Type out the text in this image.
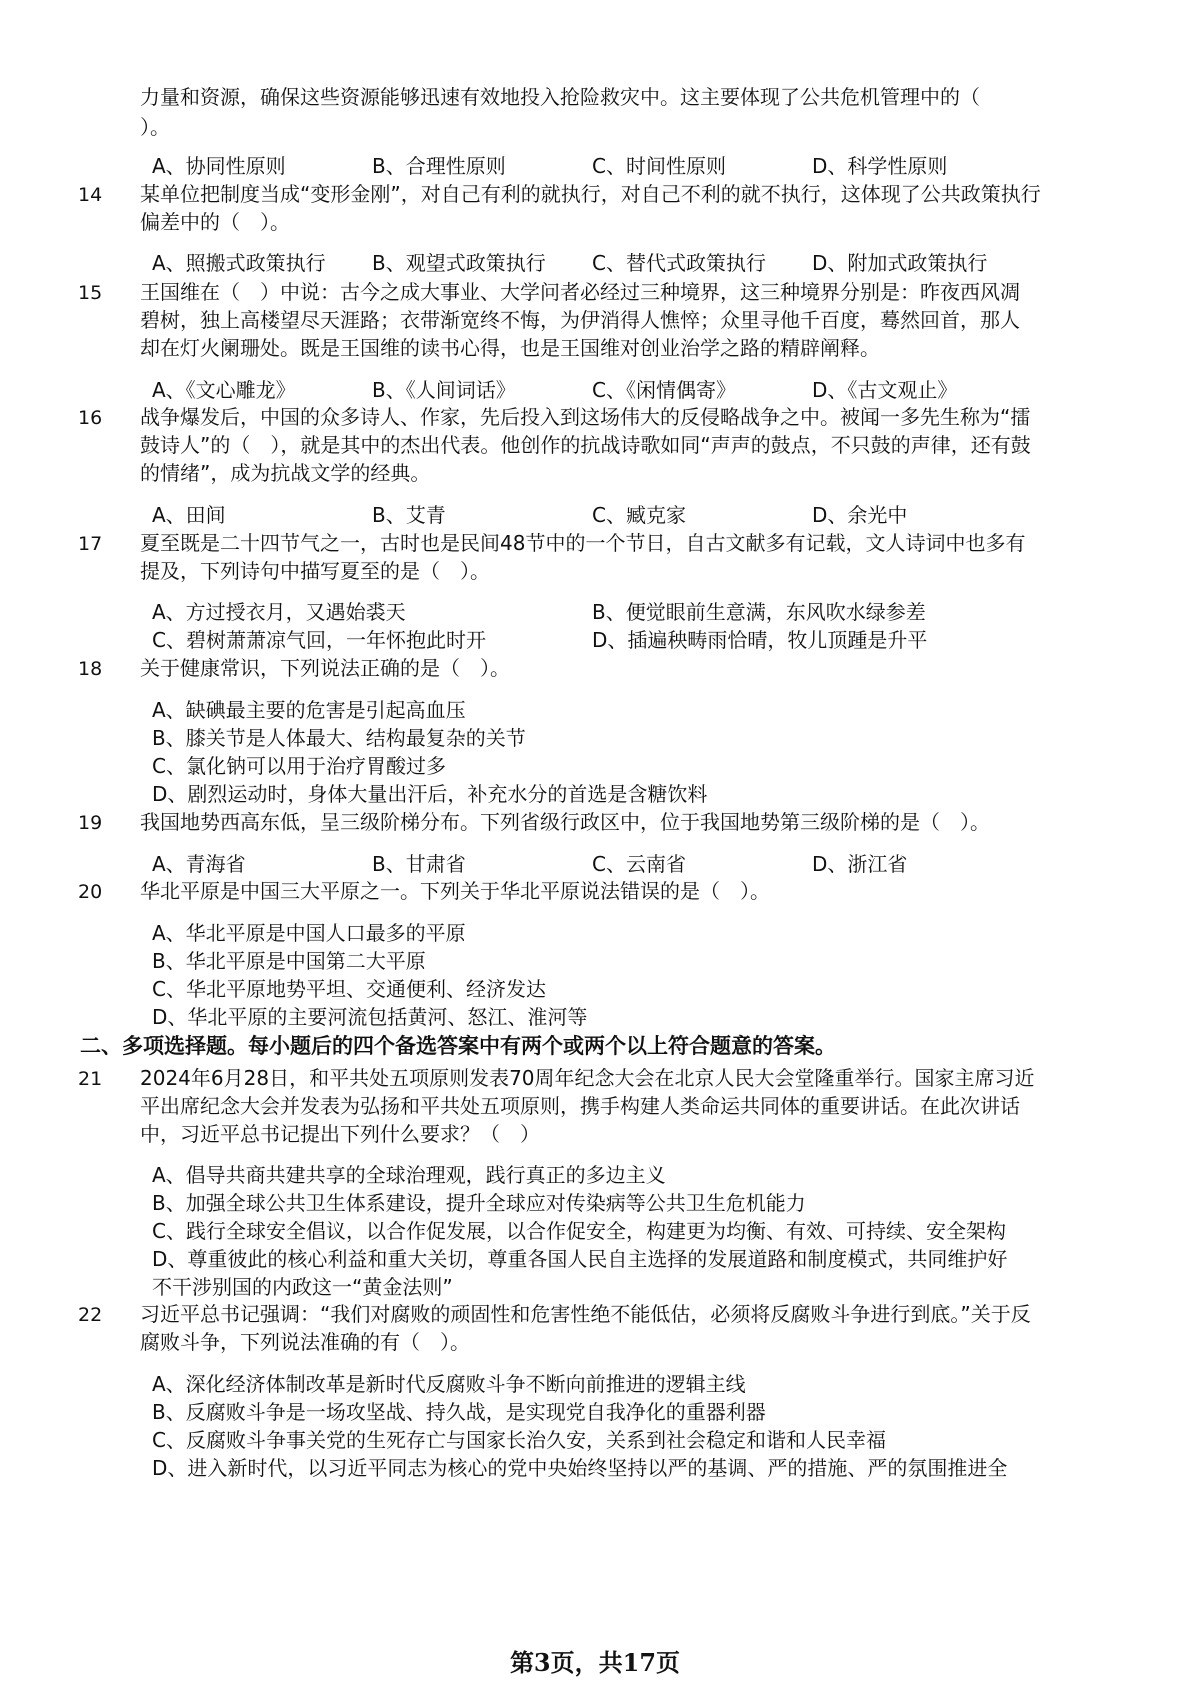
力量和资源，确保这些资源能够迅速有效地投入抢险救灾中。这主要体现了公共危机管理中的（
）。
A、协同性原则	B、合理性原则	C、时间性原则	D、科学性原则
14 某单位把制度当成“变形金刚”，对自己有利的就执行，对自己不利的就不执行，这体现了公共政策执行
偏差中的（　）。
A、照搬式政策执行 B、观望式政策执行 C、替代式政策执行 D、附加式政策执行
15 王国维在（　）中说：古今之成大事业、大学问者必经过三种境界，这三种境界分别是：昨夜西风凋
碧树，独上高楼望尽天涯路；衣带渐宽终不悔，为伊消得人憔悴；众里寻他千百度，蓦然回首，那人
却在灯火阑珊处。既是王国维的读书心得，也是王国维对创业治学之路的精辟阐释。
A、《文心雕龙》	B、《人间词话》	C、《闲情偶寄》	D、《古文观止》
16 战争爆发后，中国的众多诗人、作家，先后投入到这场伟大的反侵略战争之中。被闻一多先生称为“擂
鼓诗人”的（　），就是其中的杰出代表。他创作的抗战诗歌如同“声声的鼓点，不只鼓的声律，还有鼓
的情绪”，成为抗战文学的经典。
A、田间	B、艾青	C、臧克家	D、余光中
17 夏至既是二十四节气之一，古时也是民间48节中的一个节日，自古文献多有记载，文人诗词中也多有
提及，下列诗句中描写夏至的是（　）。
A、方过授衣月，又遇始裘天	B、便觉眼前生意满，东风吹水绿参差
C、碧树萧萧凉气回，一年怀抱此时开	D、插遍秧畴雨恰晴，牧儿顶踵是升平
18 关于健康常识，下列说法正确的是（　）。
A、缺碘最主要的危害是引起高血压
B、膝关节是人体最大、结构最复杂的关节
C、氯化钠可以用于治疗胃酸过多
D、剧烈运动时，身体大量出汗后，补充水分的首选是含糖饮料
19 我国地势西高东低，呈三级阶梯分布。下列省级行政区中，位于我国地势第三级阶梯的是（　）。
A、青海省	B、甘肃省	C、云南省	D、浙江省
20 华北平原是中国三大平原之一。下列关于华北平原说法错误的是（　）。
A、华北平原是中国人口最多的平原
B、华北平原是中国第二大平原
C、华北平原地势平坦、交通便利、经济发达
D、华北平原的主要河流包括黄河、怒江、淮河等
二、多项选择题。每小题后的四个备选答案中有两个或两个以上符合题意的答案。
21 2024年6月28日，和平共处五项原则发表70周年纪念大会在北京人民大会堂隆重举行。国家主席习近
平出席纪念大会并发表为弘扬和平共处五项原则，携手构建人类命运共同体的重要讲话。在此次讲话
中，习近平总书记提出下列什么要求？（　）
A、倡导共商共建共享的全球治理观，践行真正的多边主义
B、加强全球公共卫生体系建设，提升全球应对传染病等公共卫生危机能力
C、践行全球安全倡议，以合作促发展，以合作促安全，构建更为均衡、有效、可持续、安全架构
D、尊重彼此的核心利益和重大关切，尊重各国人民自主选择的发展道路和制度模式，共同维护好
不干涉别国的内政这一“黄金法则”
22 习近平总书记强调：“我们对腐败的顽固性和危害性绝不能低估，必须将反腐败斗争进行到底。”关于反
腐败斗争，下列说法准确的有（　）。
A、深化经济体制改革是新时代反腐败斗争不断向前推进的逻辑主线
B、反腐败斗争是一场攻坚战、持久战，是实现党自我净化的重器利器
C、反腐败斗争事关党的生死存亡与国家长治久安，关系到社会稳定和谐和人民幸福
D、进入新时代，以习近平同志为核心的党中央始终坚持以严的基调、严的措施、严的氛围推进全
第3页，共17页
